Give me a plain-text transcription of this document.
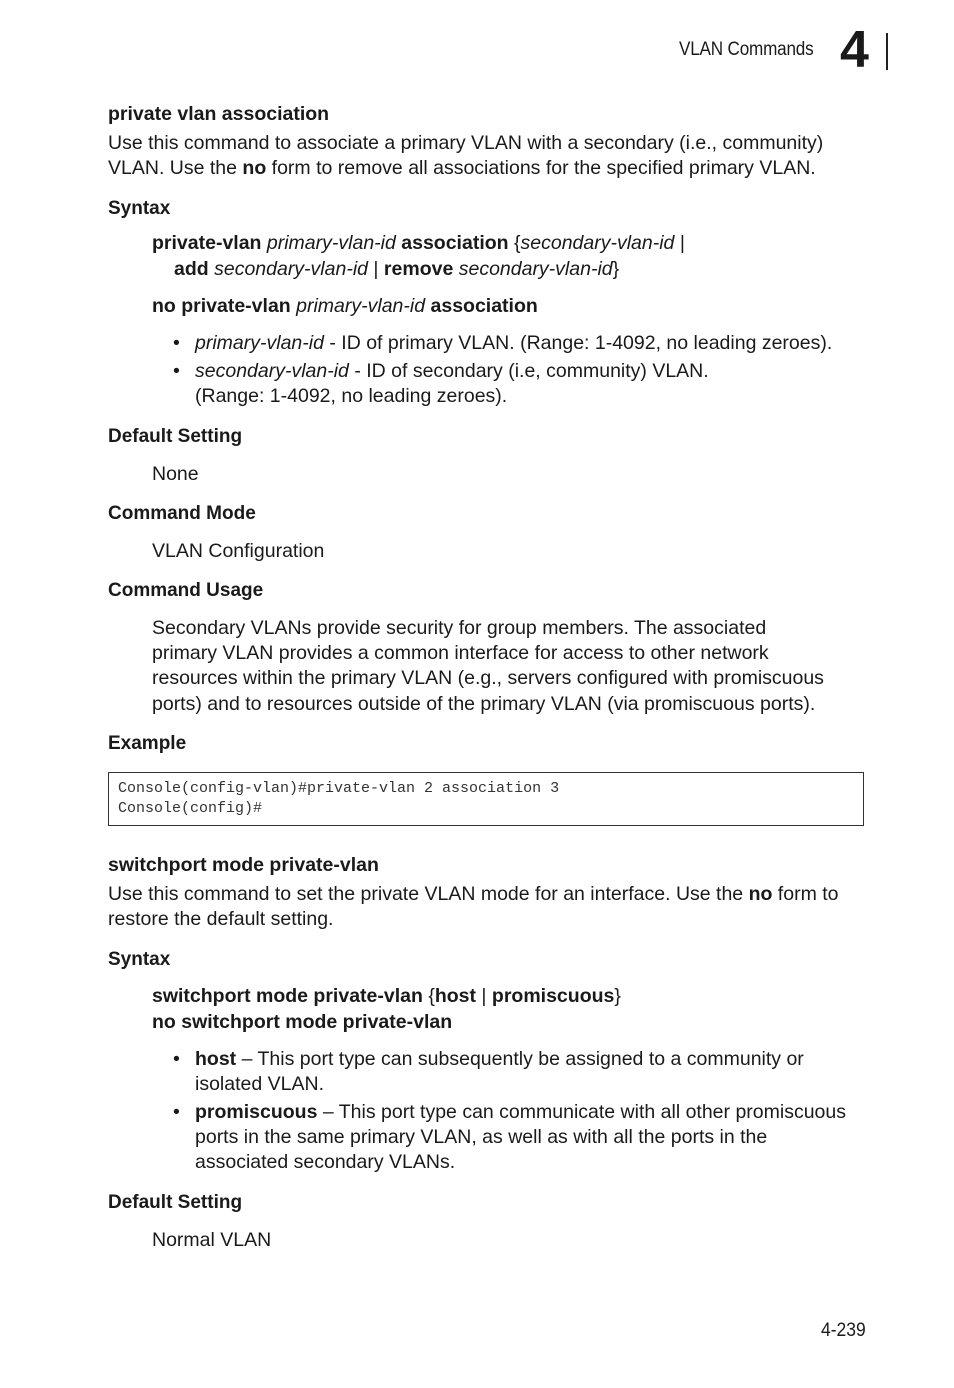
VLAN Commands 4
private vlan association
Use this command to associate a primary VLAN with a secondary (i.e., community)
VLAN. Use the no form to remove all associations for the specified primary VLAN.
Syntax
private-vlan primary-vlan-id association {secondary-vlan-id |
add secondary-vlan-id | remove secondary-vlan-id}
no private-vlan primary-vlan-id association
• primary-vlan-id - ID of primary VLAN. (Range: 1-4092, no leading zeroes).
• secondary-vlan-id - ID of secondary (i.e, community) VLAN.
(Range: 1-4092, no leading zeroes).
Default Setting
None
Command Mode
VLAN Configuration
Command Usage
Secondary VLANs provide security for group members. The associated
primary VLAN provides a common interface for access to other network
resources within the primary VLAN (e.g., servers configured with promiscuous
ports) and to resources outside of the primary VLAN (via promiscuous ports).
Example
Console(config-vlan)#private-vlan 2 association 3
Console(config)#
switchport mode private-vlan
Use this command to set the private VLAN mode for an interface. Use the no form to
restore the default setting.
Syntax
switchport mode private-vlan {host | promiscuous}
no switchport mode private-vlan
• host – This port type can subsequently be assigned to a community or
isolated VLAN.
• promiscuous – This port type can communicate with all other promiscuous
ports in the same primary VLAN, as well as with all the ports in the
associated secondary VLANs.
Default Setting
Normal VLAN
4-239
